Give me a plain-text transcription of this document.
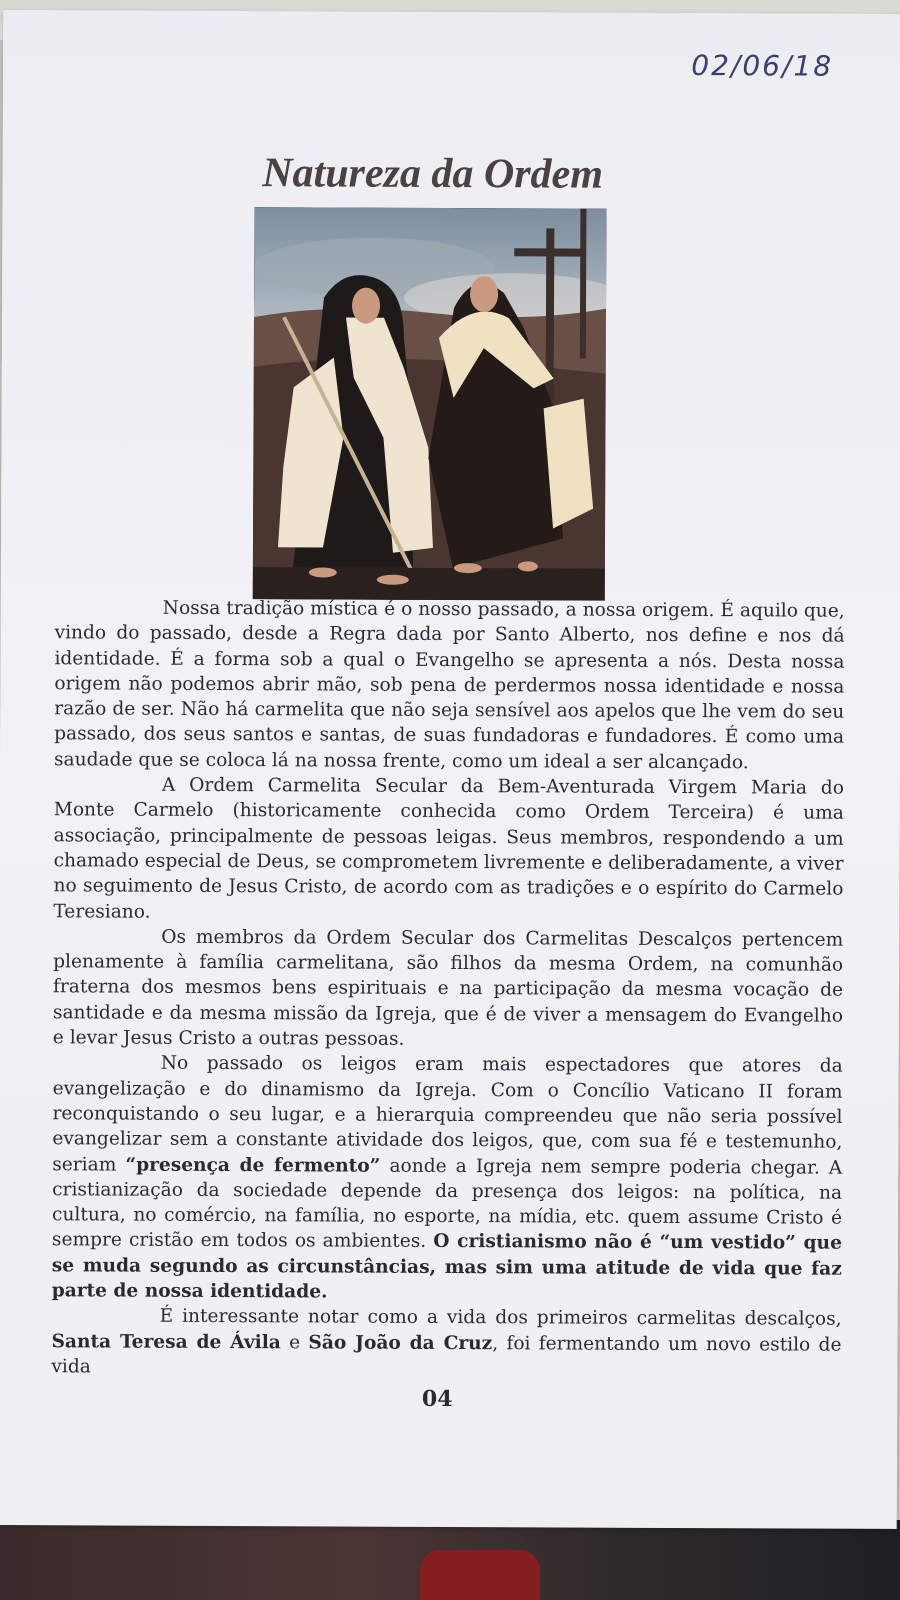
02/06/18
Natureza da Ordem

Nossa tradição mística é o nosso passado, a nossa origem. É aquilo que, vindo do passado, desde a Regra dada por Santo Alberto, nos define e nos dá identidade. É a forma sob a qual o Evangelho se apresenta a nós. Desta nossa origem não podemos abrir mão, sob pena de perdermos nossa identidade e nossa razão de ser. Não há carmelita que não seja sensível aos apelos que lhe vem do seu passado, dos seus santos e santas, de suas fundadoras e fundadores. É como uma saudade que se coloca lá na nossa frente, como um ideal a ser alcançado.

A Ordem Carmelita Secular da Bem-Aventurada Virgem Maria do Monte Carmelo (historicamente conhecida como Ordem Terceira) é uma associação, principalmente de pessoas leigas. Seus membros, respondendo a um chamado especial de Deus, se comprometem livremente e deliberadamente, a viver no seguimento de Jesus Cristo, de acordo com as tradições e o espírito do Carmelo Teresiano.

Os membros da Ordem Secular dos Carmelitas Descalços pertencem plenamente à família carmelitana, são filhos da mesma Ordem, na comunhão fraterna dos mesmos bens espirituais e na participação da mesma vocação de santidade e da mesma missão da Igreja, que é de viver a mensagem do Evangelho e levar Jesus Cristo a outras pessoas.

No passado os leigos eram mais espectadores que atores da evangelização e do dinamismo da Igreja. Com o Concílio Vaticano II foram reconquistando o seu lugar, e a hierarquia compreendeu que não seria possível evangelizar sem a constante atividade dos leigos, que, com sua fé e testemunho, seriam “presença de fermento” aonde a Igreja nem sempre poderia chegar. A cristianização da sociedade depende da presença dos leigos: na política, na cultura, no comércio, na família, no esporte, na mídia, etc. quem assume Cristo é sempre cristão em todos os ambientes. O cristianismo não é “um vestido” que se muda segundo as circunstâncias, mas sim uma atitude de vida que faz parte de nossa identidade.

É interessante notar como a vida dos primeiros carmelitas descalços, Santa Teresa de Ávila e São João da Cruz, foi fermentando um novo estilo de vida

04
